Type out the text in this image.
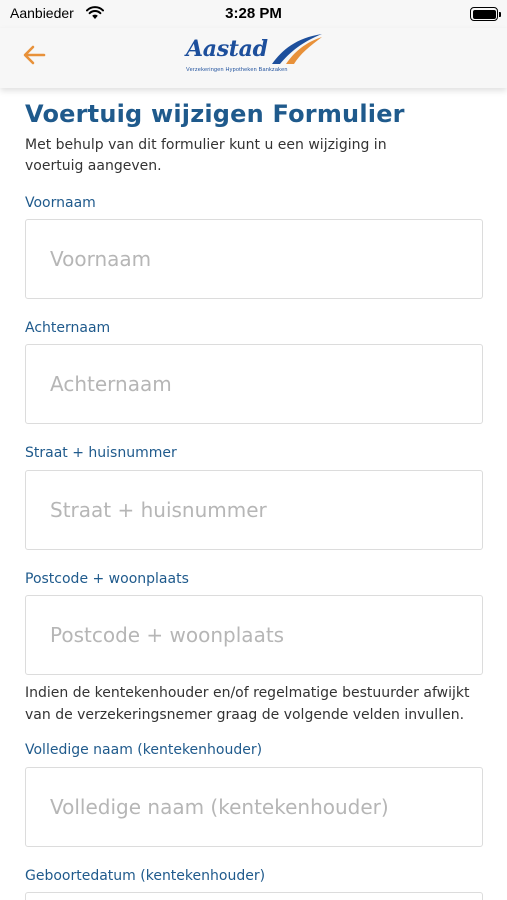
Aanbieder	3:28 PM
Aastad
Verzekeringen Hypotheken Bankzaken
Voertuig wijzigen Formulier

Met behulp van dit formulier kunt u een wijziging in voertuig aangeven.

Voornaam
Voornaam
Achternaam
Achternaam
Straat + huisnummer
Straat + huisnummer
Postcode + woonplaats
Postcode + woonplaats

Indien de kentekenhouder en/of regelmatige bestuurder afwijkt van de verzekeringsnemer graag de volgende velden invullen.

Volledige naam (kentekenhouder)
Volledige naam (kentekenhouder)
Geboortedatum (kentekenhouder)
